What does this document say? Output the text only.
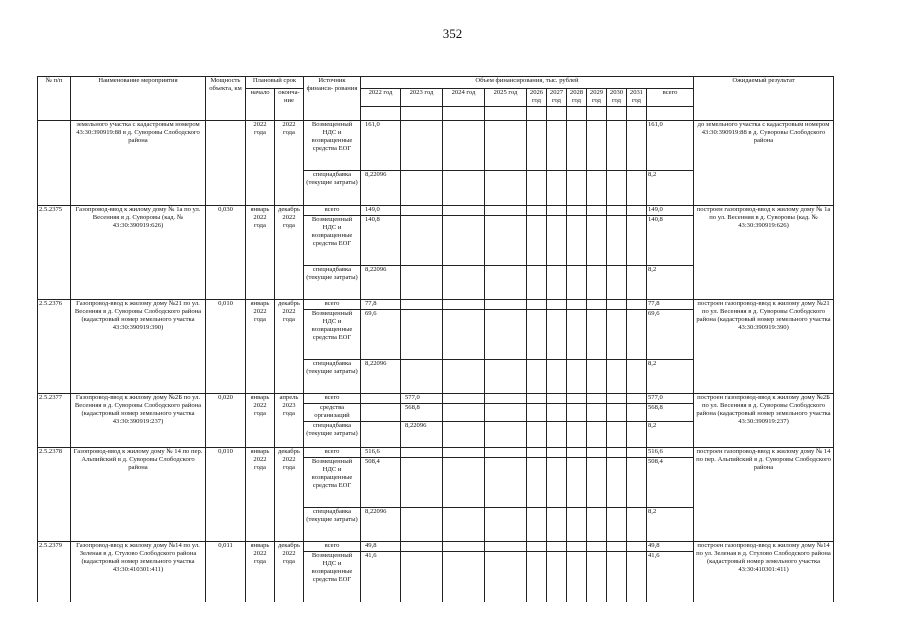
352
№ п/п	Наименование мероприятия	Мощность объекта, км	Плановый срок		Источник финанси- рования	Объем финансирования, тыс. рублей											Ожидаемый результат
			начало	оконча- ние		2022 год	2023 год	2024 год	2025 год	2026 год	2027 год	2028 год	2029 год	2030 год	2031 год	всего	

	земельного участка с кадастровым номером 43:30:390919:88 в д. Суворовы Слободского района		2022 года	2022 года	Возмещенный НДС и возвращенные средства ЕОГ	161,0										161,0	до земельного участка с кадастровым номером 43:30:390919:88 в д. Суворовы Слободского района
					спецнадбавка (текущие затраты)	8,22096										8,2	
2.5.2375	Газопровод-ввод к жилому дому № 1а по ул. Весенняя в д. Суворовы (кад. № 43:30:390919:626)	0,030	январь 2022 года	декабрь 2022 года	всего	149,0										149,0	построен газопровод-ввод к жилому дому № 1а по ул. Весенняя в д. Суворовы (кад. № 43:30:390919:626)
					Возмещенный НДС и возвращенные средства ЕОГ	140,8										140,8	
					спецнадбавка (текущие затраты)	8,22096										8,2	
2.5.2376	Газопровод-ввод к жилому дому №21 по ул. Весенняя в д. Суворовы Слободского района (кадастровый номер земельного участка 43:30:390919:390)	0,010	январь 2022 года	декабрь 2022 года	всего	77,8										77,8	построен газопровод-ввод к жилому дому №21 по ул. Весенняя в д. Суворовы Слободского района (кадастровый номер земельного участка 43:30:390919:390)
					Возмещенный НДС и возвращенные средства ЕОГ	69,6										69,6	
					спецнадбавка (текущие затраты)	8,22096										8,2	
2.5.2377	Газопровод-ввод к жилому дому №2Б по ул. Весенняя в д. Суворовы Слободского района (кадастровый номер земельного участка 43:30:390919:237)	0,020	январь 2022 года	апрель 2023 года	всего		577,0									577,0	построен газопровод-ввод к жилому дому №2Б по ул. Весенняя в д. Суворовы Слободского района (кадастровый номер земельного участка 43:30:390919:237)
					средства организаций		568,8									568,8	
					спецнадбавка (текущие затраты)		8,22096									8,2	
2.5.2378	Газопровод-ввод к жилому дому № 14 по пер. Альпийский в д. Суворовы Слободского района	0,010	январь 2022 года	декабрь 2022 года	всего	516,6										516,6	построен газопровод-ввод к жилому дому № 14 по пер. Альпийский в д. Суворовы Слободского района
					Возмещенный НДС и возвращенные средства ЕОГ	508,4										508,4	
					спецнадбавка (текущие затраты)	8,22096										8,2	
2.5.2379	Газопровод-ввод к жилому дому №14 по ул. Зеленая в д. Стулово Слободского района (кадастровый номер земельного участка 43:30:410301:411)	0,011	январь 2022 года	декабрь 2022 года	всего	49,8										49,8	построен газопровод-ввод к жилому дому №14 по ул. Зеленая в д. Стулово Слободского района (кадастровый номер земельного участка 43:30:410301:411)
					Возмещенный НДС и возвращенные средства ЕОГ	41,6										41,6	
